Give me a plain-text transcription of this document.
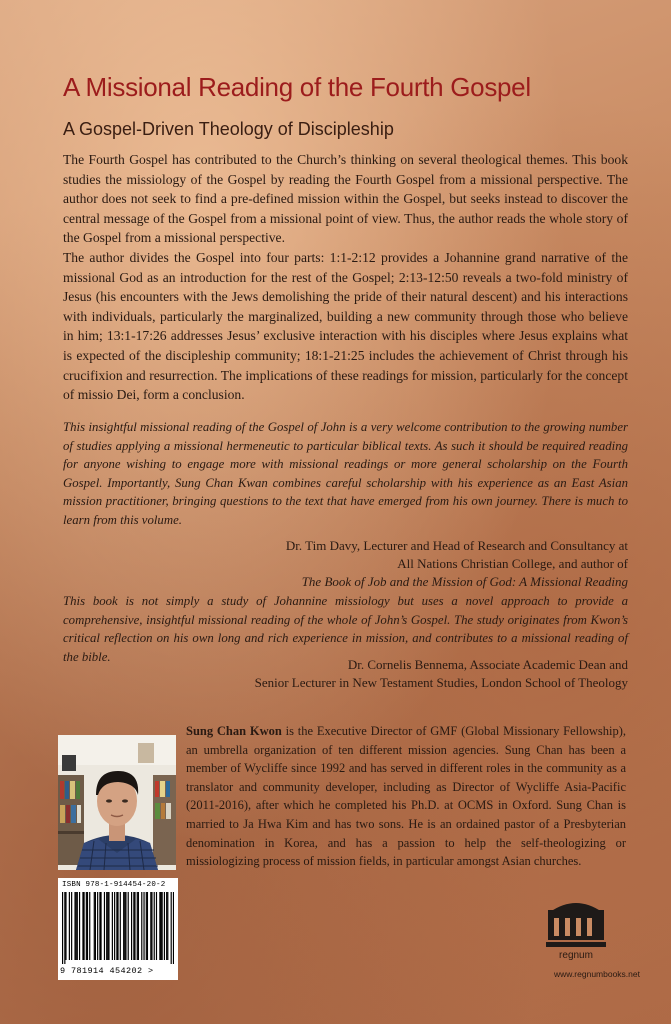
A Missional Reading of the Fourth Gospel
A Gospel-Driven Theology of Discipleship

The Fourth Gospel has contributed to the Church’s thinking on several theological themes. This book studies the missiology of the Gospel by reading the Fourth Gospel from a missional perspective. The author does not seek to find a pre-defined mission within the Gospel, but seeks instead to discover the central message of the Gospel from a missional point of view. Thus, the author reads the whole story of the Gospel from a missional perspective.

The author divides the Gospel into four parts: 1:1-2:12 provides a Johannine grand narrative of the missional God as an introduction for the rest of the Gospel; 2:13-12:50 reveals a two-fold ministry of Jesus (his encounters with the Jews demolishing the pride of their natural descent) and his interactions with individuals, particularly the marginalized, building a new community through those who believe in him; 13:1-17:26 addresses Jesus’ exclusive interaction with his disciples where Jesus explains what is expected of the discipleship community; 18:1-21:25 includes the achievement of Christ through his crucifixion and resurrection. The implications of these readings for mission, particularly for the concept of missio Dei, form a conclusion.

This insightful missional reading of the Gospel of John is a very welcome contribution to the growing number of studies applying a missional hermeneutic to particular biblical texts. As such it should be required reading for anyone wishing to engage more with missional readings or more general scholarship on the Fourth Gospel. Importantly, Sung Chan Kwan combines careful scholarship with his experience as an East Asian mission practitioner, bringing questions to the text that have emerged from his own journey. There is much to learn from this volume.

Dr. Tim Davy, Lecturer and Head of Research and Consultancy at
All Nations Christian College, and author of
The Book of Job and the Mission of God: A Missional Reading

This book is not simply a study of Johannine missiology but uses a novel approach to provide a comprehensive, insightful missional reading of the whole of John’s Gospel. The study originates from Kwon’s critical reflection on his own long and rich experience in mission, and contributes to a missional reading of the bible.

Dr. Cornelis Bennema, Associate Academic Dean and
Senior Lecturer in New Testament Studies, London School of Theology

Sung Chan Kwon is the Executive Director of GMF (Global Missionary Fellowship), an umbrella organization of ten different mission agencies. Sung Chan has been a member of Wycliffe since 1992 and has served in different roles in the community as a translator and community developer, including as Director of Wycliffe Asia-Pacific (2011-2016), after which he completed his Ph.D. at OCMS in Oxford. Sung Chan is married to Ja Hwa Kim and has two sons. He is an ordained pastor of a Presbyterian denomination in Korea, and has a passion to help the self-theologizing or missiologizing process of mission fields, in particular amongst Asian churches.

ISBN 978-1-914454-20-2
9 781914 454202 >
regnum
www.regnumbooks.net
